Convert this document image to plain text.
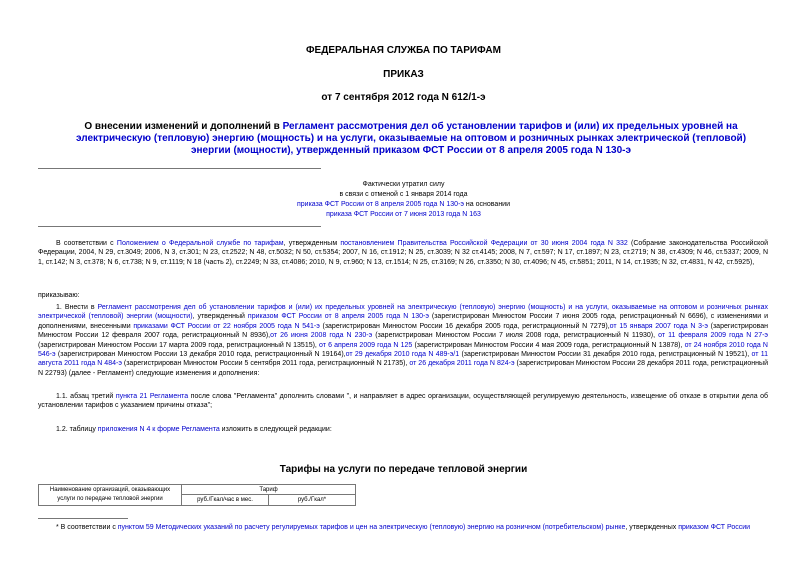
ФЕДЕРАЛЬНАЯ СЛУЖБА ПО ТАРИФАМ
ПРИКАЗ
от 7 сентября 2012 года N 612/1-э
О внесении изменений и дополнений в Регламент рассмотрения дел об установлении тарифов и (или) их предельных уровней на электрическую (тепловую) энергию (мощность) и на услуги, оказываемые на оптовом и розничных рынках электрической (тепловой) энергии (мощности), утвержденный приказом ФСТ России от 8 апреля 2005 года N 130-э
Фактически утратил силу
в связи с отменой с 1 января 2014 года
приказа ФСТ России от 8 апреля 2005 года N 130-э на основании
приказа ФСТ России от 7 июня 2013 года N 163
В соответствии с Положением о Федеральной службе по тарифам, утвержденным постановлением Правительства Российской Федерации от 30 июня 2004 года N 332 (Собрание законодательства Российской Федерации, 2004, N 29, ст.3049; 2006, N 3, ст.301; N 23, ст.2522; N 48, ст.5032; N 50, ст.5354; 2007, N 16, ст.1912; N 25, ст.3039; N 32 ст.4145; 2008, N 7, ст.597; N 17, ст.1897; N 23, ст.2719; N 38, ст.4309; N 46, ст.5337; 2009, N 1, ст.142; N 3, ст.378; N 6, ст.738; N 9, ст.1119; N 18 (часть 2), ст.2249; N 33, ст.4086; 2010, N 9, ст.960; N 13, ст.1514; N 25, ст.3169; N 26, ст.3350; N 30, ст.4096; N 45, ст.5851; 2011, N 14, ст.1935; N 32, ст.4831, N 42, ст.5925),
приказываю:
1. Внести в Регламент рассмотрения дел об установлении тарифов и (или) их предельных уровней на электрическую (тепловую) энергию (мощность) и на услуги, оказываемые на оптовом и розничных рынках электрической (тепловой) энергии (мощности), утвержденный приказом ФСТ России от 8 апреля 2005 года N 130-э (зарегистрирован Минюстом России 7 июня 2005 года, регистрационный N 6696), с изменениями и дополнениями, внесенными приказами ФСТ России от 22 ноября 2005 года N 541-э (зарегистрирован Минюстом России 16 декабря 2005 года, регистрационный N 7279),от 15 января 2007 года N 3-э (зарегистрирован Минюстом России 12 февраля 2007 года, регистрационный N 8936),от 26 июня 2008 года N 230-э (зарегистрирован Минюстом России 7 июля 2008 года, регистрационный N 11930), от 11 февраля 2009 года N 27-э (зарегистрирован Минюстом России 17 марта 2009 года, регистрационный N 13515), от 6 апреля 2009 года N 125 (зарегистрирован Минюстом России 4 мая 2009 года, регистрационный N 13878), от 24 ноября 2010 года N 546-э (зарегистрирован Минюстом России 13 декабря 2010 года, регистрационный N 19164),от 29 декабря 2010 года N 489-э/1 (зарегистрирован Минюстом России 31 декабря 2010 года, регистрационный N 19521), от 11 августа 2011 года N 484-э (зарегистрирован Минюстом России 5 сентября 2011 года, регистрационный N 21735), от 26 декабря 2011 года N 824-э (зарегистрирован Минюстом России 28 декабря 2011 года, регистрационный N 22793) (далее - Регламент) следующие изменения и дополнения:
1.1. абзац третий пункта 21 Регламента после слова "Регламента" дополнить словами ", и направляет в адрес организации, осуществляющей регулируемую деятельность, извещение об отказе в открытии дела об установлении тарифов с указанием причины отказа";
1.2. таблицу приложения N 4 к форме Регламента изложить в следующей редакции:
Тарифы на услуги по передаче тепловой энергии
Наименование организаций, оказывающих
услуги по передаче тепловой энергии	Тариф	
	руб./Гкал/час в мес.	руб./Гкал*
* В соответствии с пунктом 59 Методических указаний по расчету регулируемых тарифов и цен на электрическую (тепловую) энергию на розничном (потребительском) рынке, утвержденных приказом ФСТ России
